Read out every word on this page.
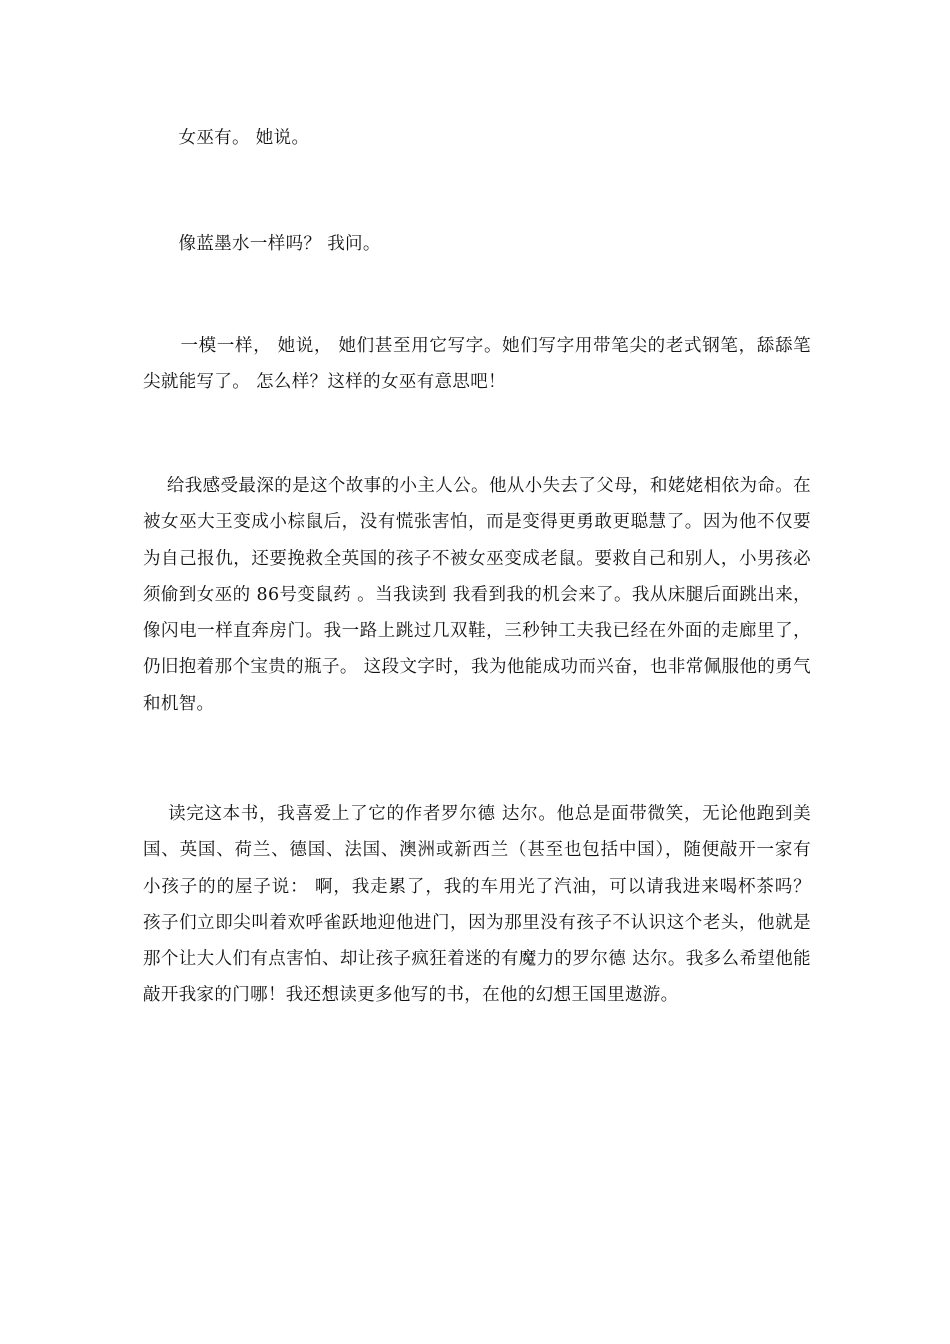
女巫有。 她说。

像蓝墨水一样吗？ 我问。

一模一样， 她说， 她们甚至用它写字。她们写字用带笔尖的老式钢笔，舔舔笔尖就能写了。 怎么样？这样的女巫有意思吧！

给我感受最深的是这个故事的小主人公。他从小失去了父母，和姥姥相依为命。在被女巫大王变成小棕鼠后，没有慌张害怕，而是变得更勇敢更聪慧了。因为他不仅要为自己报仇，还要挽救全英国的孩子不被女巫变成老鼠。要救自己和别人，小男孩必须偷到女巫的 86号变鼠药 。当我读到 我看到我的机会来了。我从床腿后面跳出来，像闪电一样直奔房门。我一路上跳过几双鞋，三秒钟工夫我已经在外面的走廊里了，仍旧抱着那个宝贵的瓶子。 这段文字时，我为他能成功而兴奋，也非常佩服他的勇气和机智。

读完这本书，我喜爱上了它的作者罗尔德 达尔。他总是面带微笑，无论他跑到美国、英国、荷兰、德国、法国、澳洲或新西兰（甚至也包括中国），随便敲开一家有小孩子的的屋子说： 啊，我走累了，我的车用光了汽油，可以请我进来喝杯茶吗？ 孩子们立即尖叫着欢呼雀跃地迎他进门，因为那里没有孩子不认识这个老头，他就是那个让大人们有点害怕、却让孩子疯狂着迷的有魔力的罗尔德 达尔。我多么希望他能敲开我家的门哪！我还想读更多他写的书，在他的幻想王国里遨游。
